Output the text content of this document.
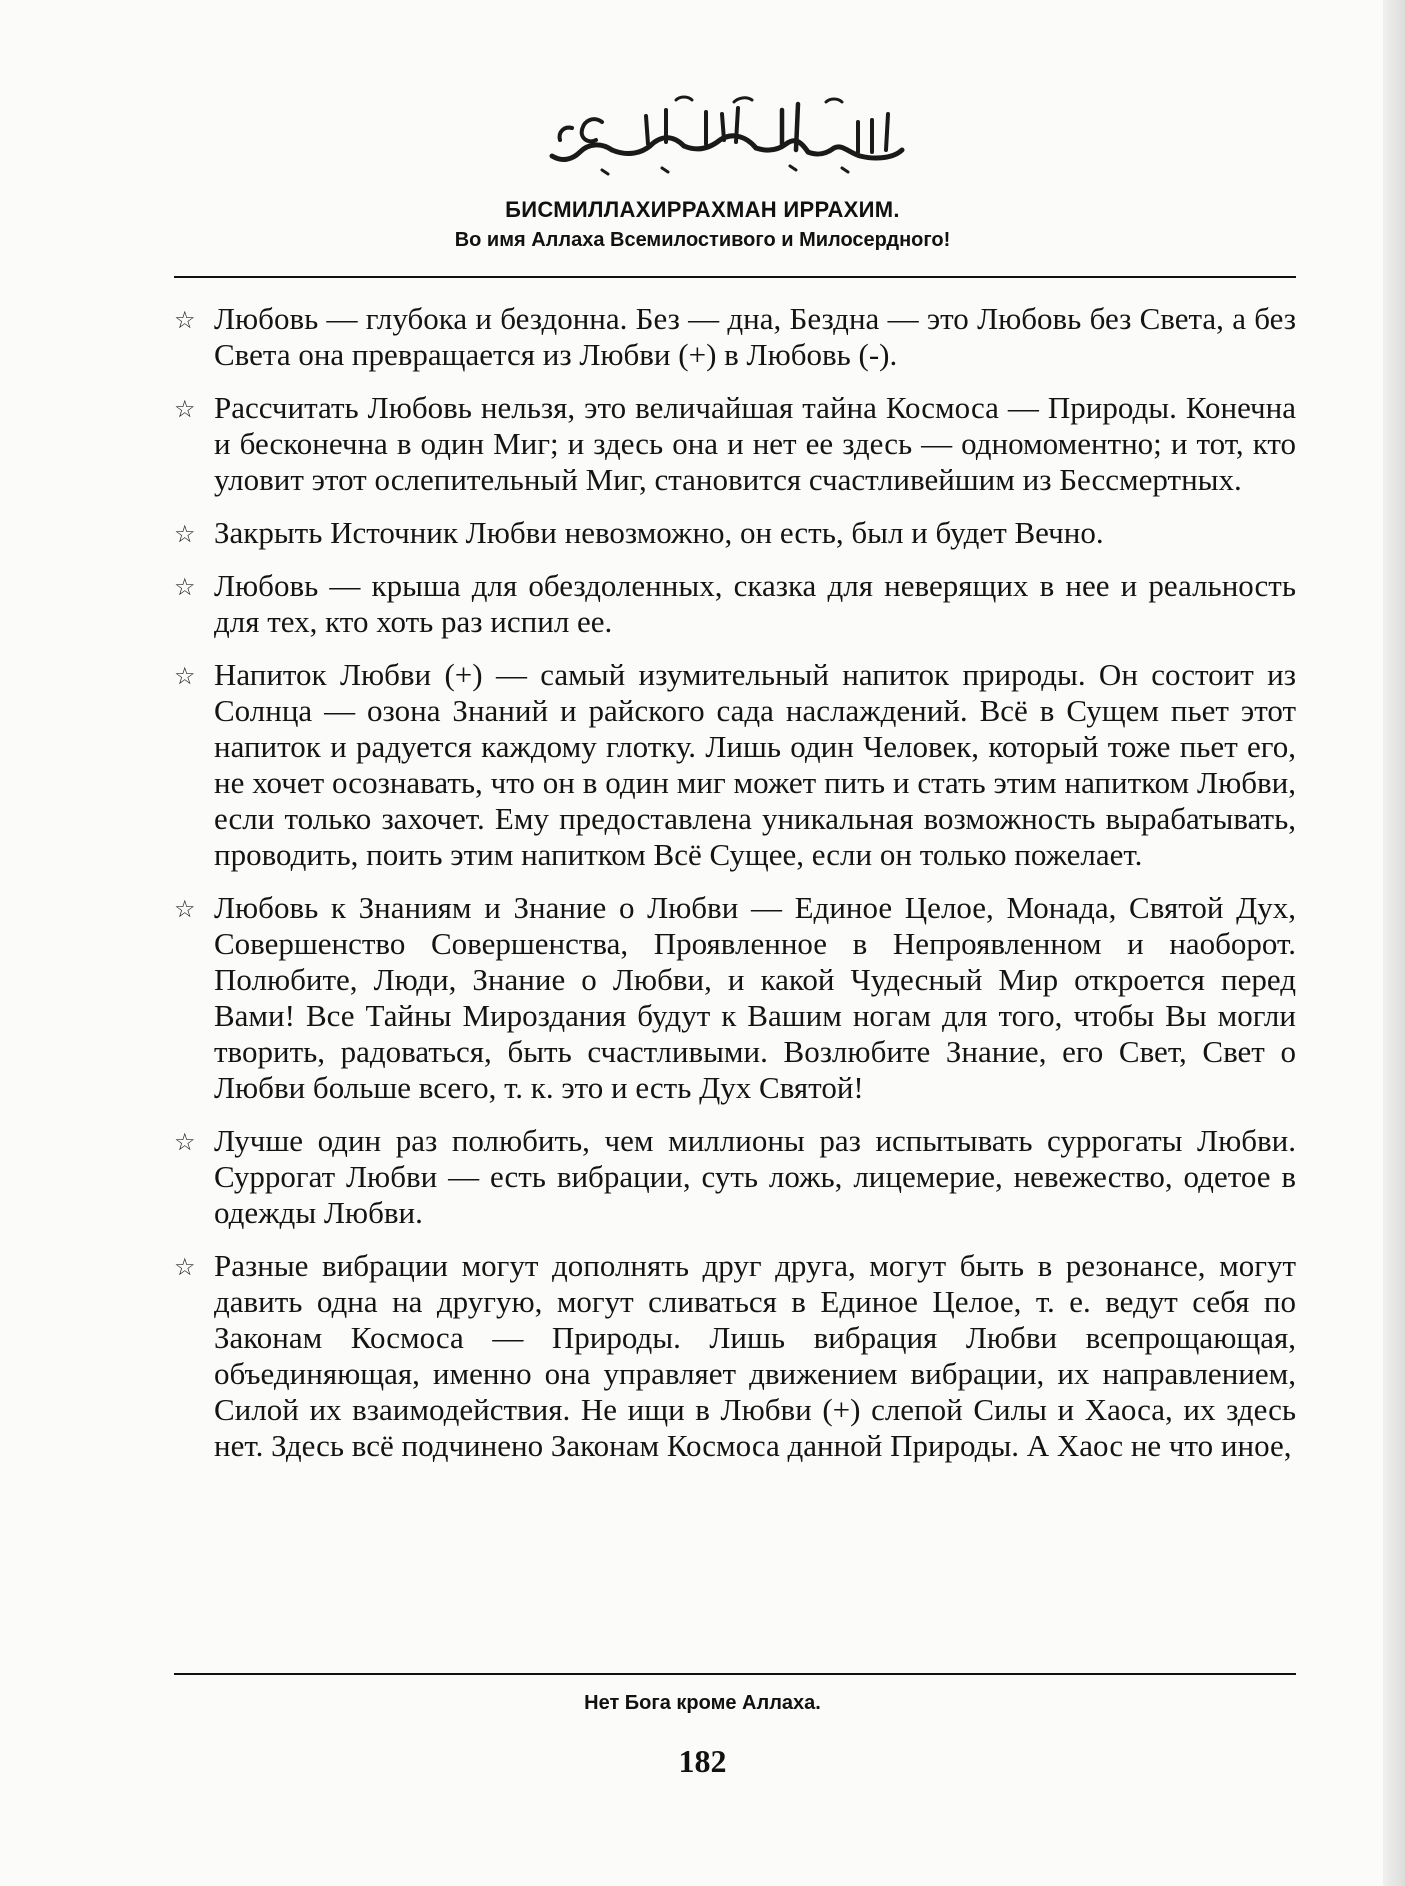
БИСМИЛЛАХИРРАХМАН ИРРАХИМ.
Во имя Аллаха Всемилостивого и Милосердного!
☆ Любовь — глубока и бездонна. Без — дна, Бездна — это Любовь без Света, а без Света она превращается из Любви (+) в Любовь (-).
☆ Рассчитать Любовь нельзя, это величайшая тайна Космоса — Природы. Конечна и бесконечна в один Миг; и здесь она и нет ее здесь — одномоментно; и тот, кто уловит этот ослепительный Миг, становится счастливейшим из Бессмертных.
☆ Закрыть Источник Любви невозможно, он есть, был и будет Вечно.
☆ Любовь — крыша для обездоленных, сказка для неверящих в нее и реальность для тех, кто хоть раз испил ее.
☆ Напиток Любви (+) — самый изумительный напиток природы. Он состоит из Солнца — озона Знаний и райского сада наслаждений. Всё в Сущем пьет этот напиток и радуется каждому глотку. Лишь один Человек, который тоже пьет его, не хочет осознавать, что он в один миг может пить и стать этим напитком Любви, если только захочет. Ему предоставлена уникальная возможность вырабатывать, проводить, поить этим напитком Всё Сущее, если он только пожелает.
☆ Любовь к Знаниям и Знание о Любви — Единое Целое, Монада, Святой Дух, Совершенство Совершенства, Проявленное в Непроявленном и наоборот. Полюбите, Люди, Знание о Любви, и какой Чудесный Мир откроется перед Вами! Все Тайны Мироздания будут к Вашим ногам для того, чтобы Вы могли творить, радоваться, быть счастливыми. Возлюбите Знание, его Свет, Свет о Любви больше всего, т. к. это и есть Дух Святой!
☆ Лучше один раз полюбить, чем миллионы раз испытывать суррогаты Любви. Суррогат Любви — есть вибрации, суть ложь, лицемерие, невежество, одетое в одежды Любви.
☆ Разные вибрации могут дополнять друг друга, могут быть в резонансе, могут давить одна на другую, могут сливаться в Единое Целое, т. е. ведут себя по Законам Космоса — Природы. Лишь вибрация Любви всепрощающая, объединяющая, именно она управляет движением вибрации, их направлением, Силой их взаимодействия. Не ищи в Любви (+) слепой Силы и Хаоса, их здесь нет. Здесь всё подчинено Законам Космоса данной Природы. А Хаос не что иное,
Нет Бога кроме Аллаха.
182
